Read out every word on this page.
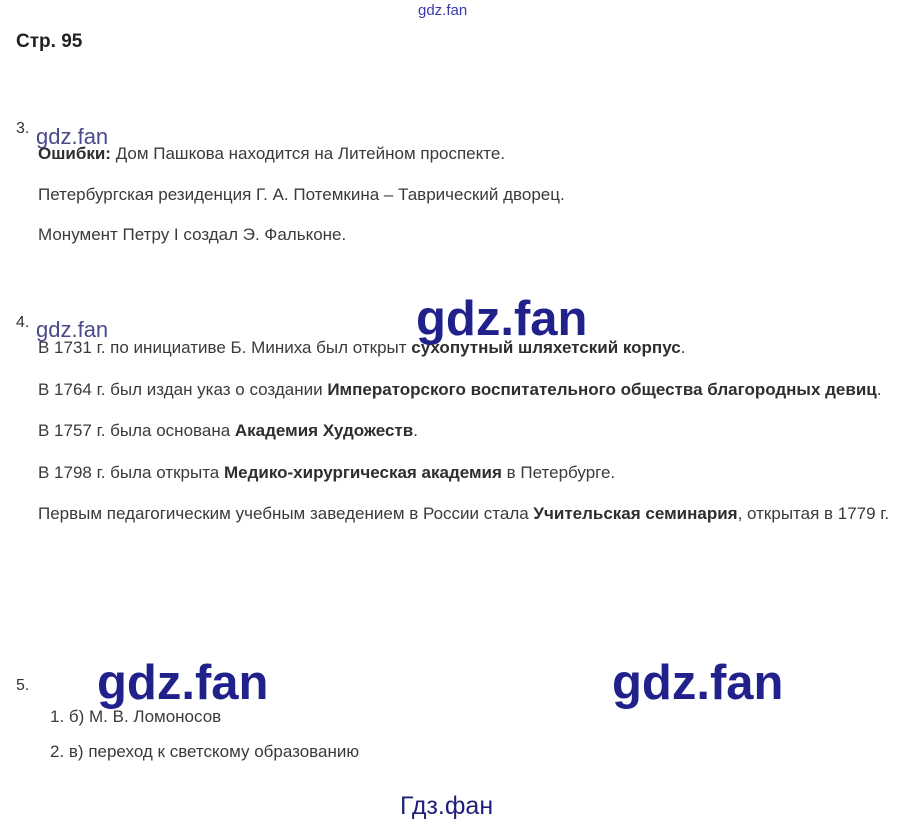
gdz.fan
gdz.fan
gdz.fan	gdz.fan
Гдз.фан
Стр. 95
3.

Ошибки: Дом Пашкова находится на Литейном проспекте.

Петербургская резиденция Г. А. Потемкина – Таврический дворец.

Монумент Петру I создал Э. Фальконе.

gdz.fan
4.

В 1731 г. по инициативе Б. Миниха был открыт сухопутный шляхетский корпус.

В 1764 г. был издан указ о создании Императорского воспитательного общества благородных девиц.

В 1757 г. была основана Академия Художеств.

В 1798 г. была открыта Медико-хирургическая академия в Петербурге.

Первым педагогическим учебным заведением в России стала Учительская семинария, открытая в 1779 г.

gdz.fan
5.

1. б) М. В. Ломоносов

2. в) переход к светскому образованию
